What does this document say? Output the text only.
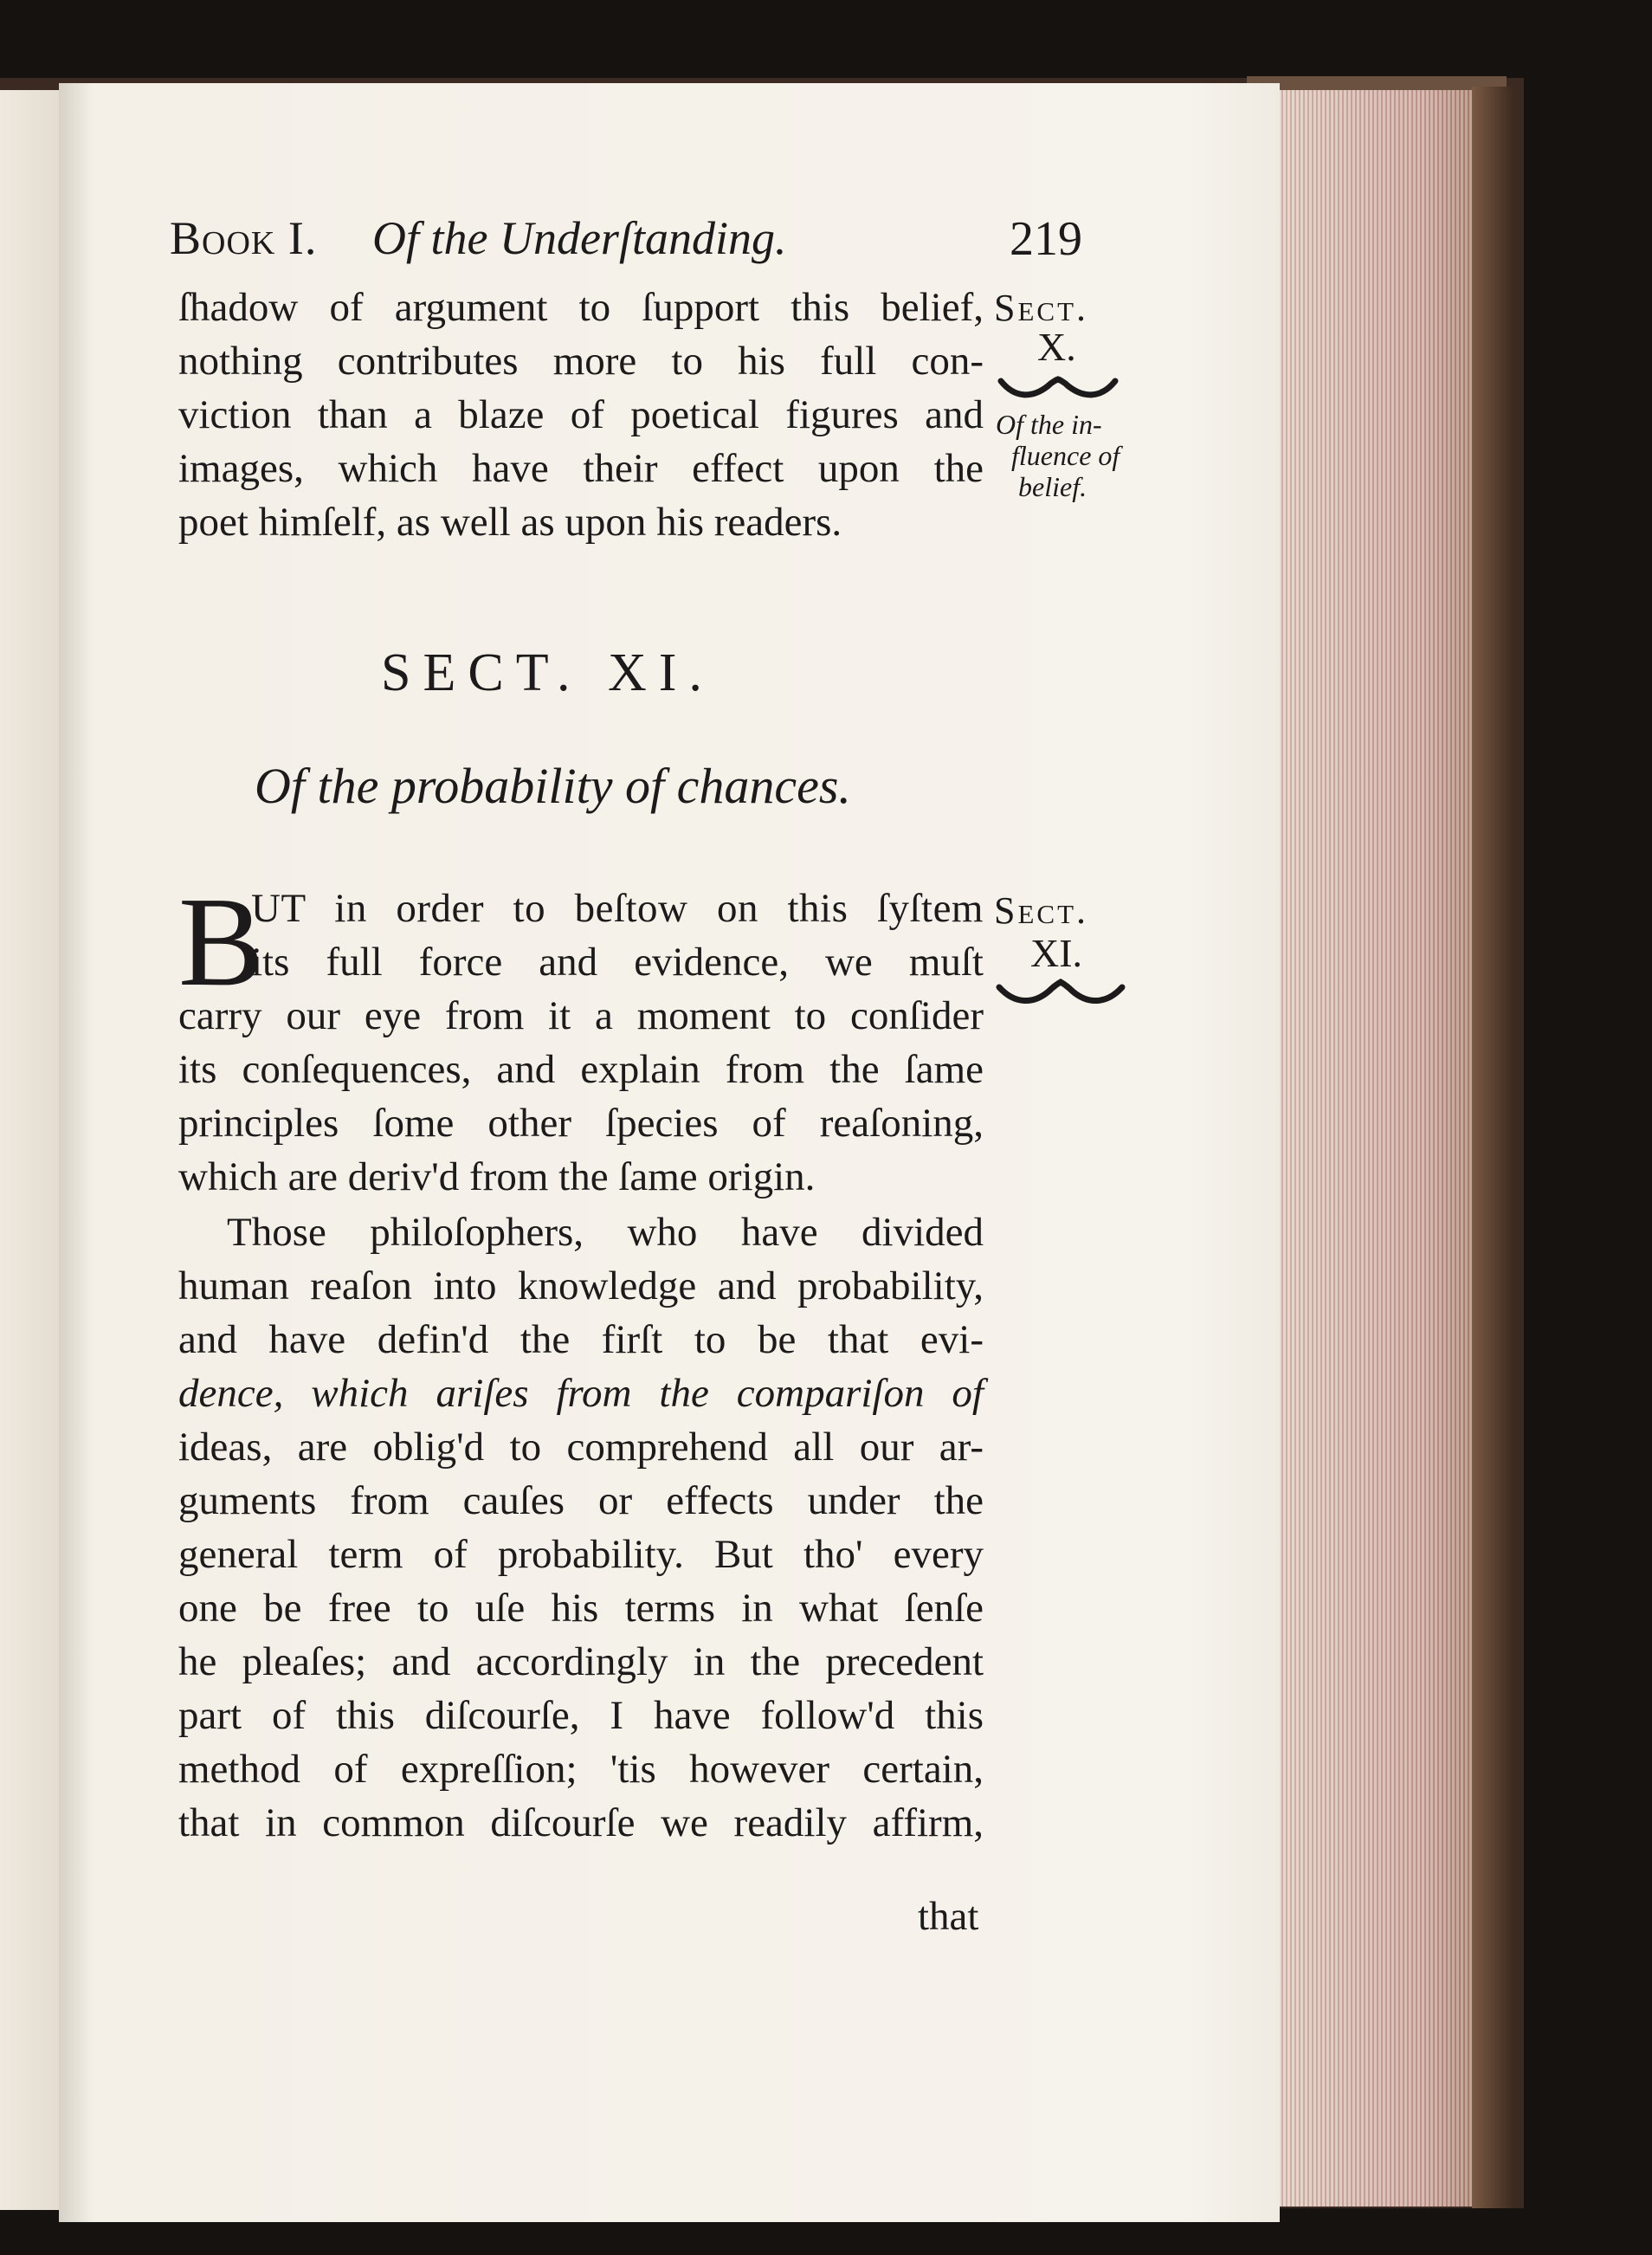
Book I. Of the Underſtanding.	219
ſhadow of argument to ſupport this belief,
nothing contributes more to his full con-
viction than a blaze of poetical figures and
images, which have their effect upon the
poet himſelf, as well as upon his readers.
Sect.
X.
Of the in-
fluence of
belief.
SECT. XI.
Of the probability of chances.
B
UT in order to beſtow on this ſyſtem
its full force and evidence, we muſt
carry our eye from it a moment to conſider
its conſequences, and explain from the ſame
principles ſome other ſpecies of reaſoning,
which are deriv'd from the ſame origin.
Sect.
XI.
Those philoſophers, who have divided
human reaſon into knowledge and probability,
and have defin'd the firſt to be that evi-
dence, which ariſes from the compariſon of
ideas, are oblig'd to comprehend all our ar-
guments from cauſes or effects under the
general term of probability. But tho' every
one be free to uſe his terms in what ſenſe
he pleaſes; and accordingly in the precedent
part of this diſcourſe, I have follow'd this
method of expreſſion; 'tis however certain,
that in common diſcourſe we readily affirm,
that
